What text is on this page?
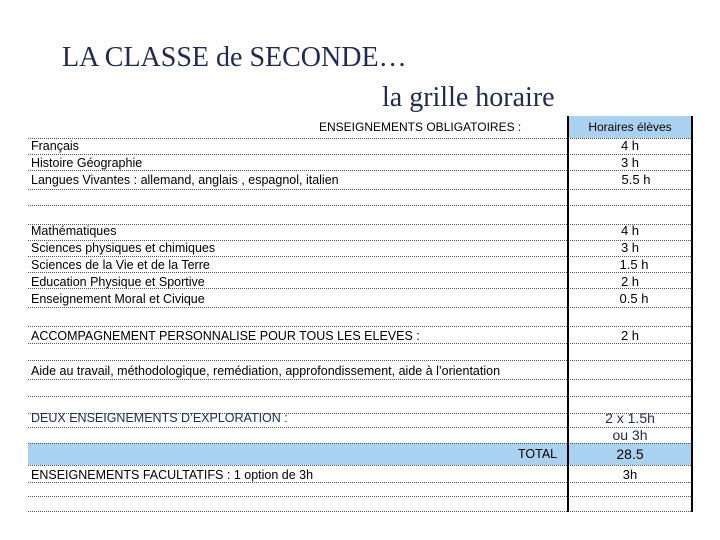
LA CLASSE de SECONDE…
la grille horaire
ENSEIGNEMENTS OBLIGATOIRES :	Horaires élèves
Français	4 h
Histoire Géographie	3 h
Langues Vivantes : allemand, anglais , espagnol, italien	5.5 h
Mathématiques	4 h
Sciences physiques et chimiques	3 h
Sciences de la Vie et de la Terre	1.5 h
Education Physique et Sportive	2 h
Enseignement Moral et Civique	0.5 h
ACCOMPAGNEMENT PERSONNALISE POUR TOUS LES ELEVES :	2 h
Aide au travail, méthodologique, remédiation, approfondissement, aide à l’orientation
DEUX ENSEIGNEMENTS D’EXPLORATION :	2 x 1.5h
ou 3h
TOTAL	28.5
ENSEIGNEMENTS FACULTATIFS : 1 option de 3h	3h
